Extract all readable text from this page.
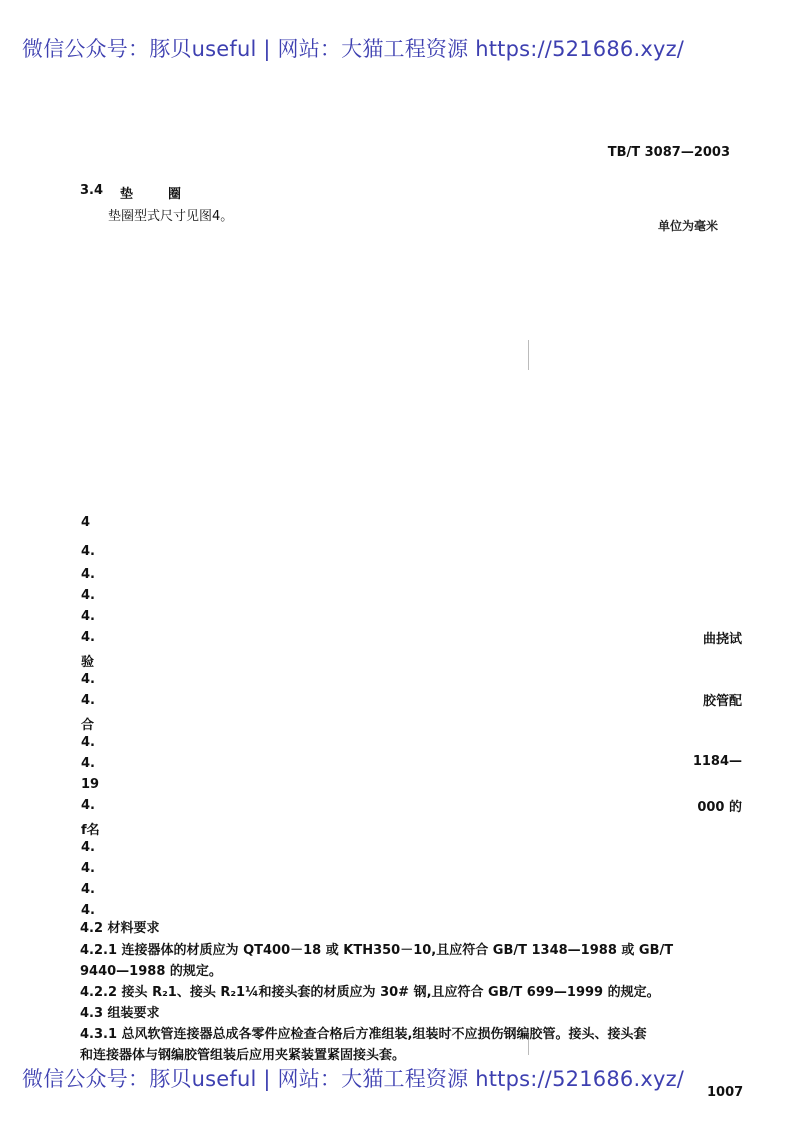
微信公众号：豚贝useful | 网站：大猫工程资源 https://521686.xyz/
TB/T 3087—2003
3.4 垫	圈
垫圈型式尺寸见图4。
单位为毫米
4
4.
4.
4.
4.
4.
验
4.
4.
合
4.
4.
19
4.
f名
4.
4.
4.
4.
曲挠试
胶管配
1184—
000 的
4.2 材料要求
4.2.1 连接器体的材质应为 QT400－18 或 KTH350－10,且应符合 GB/T 1348—1988 或 GB/T
9440—1988 的规定。
4.2.2 接头 R₂1、接头 R₂1¼和接头套的材质应为 30# 钢,且应符合 GB/T 699—1999 的规定。
4.3 组装要求
4.3.1 总风软管连接器总成各零件应检查合格后方准组装,组装时不应损伤钢编胶管。接头、接头套
和连接器体与钢编胶管组装后应用夹紧装置紧固接头套。
微信公众号：豚贝useful | 网站：大猫工程资源 https://521686.xyz/
1007
